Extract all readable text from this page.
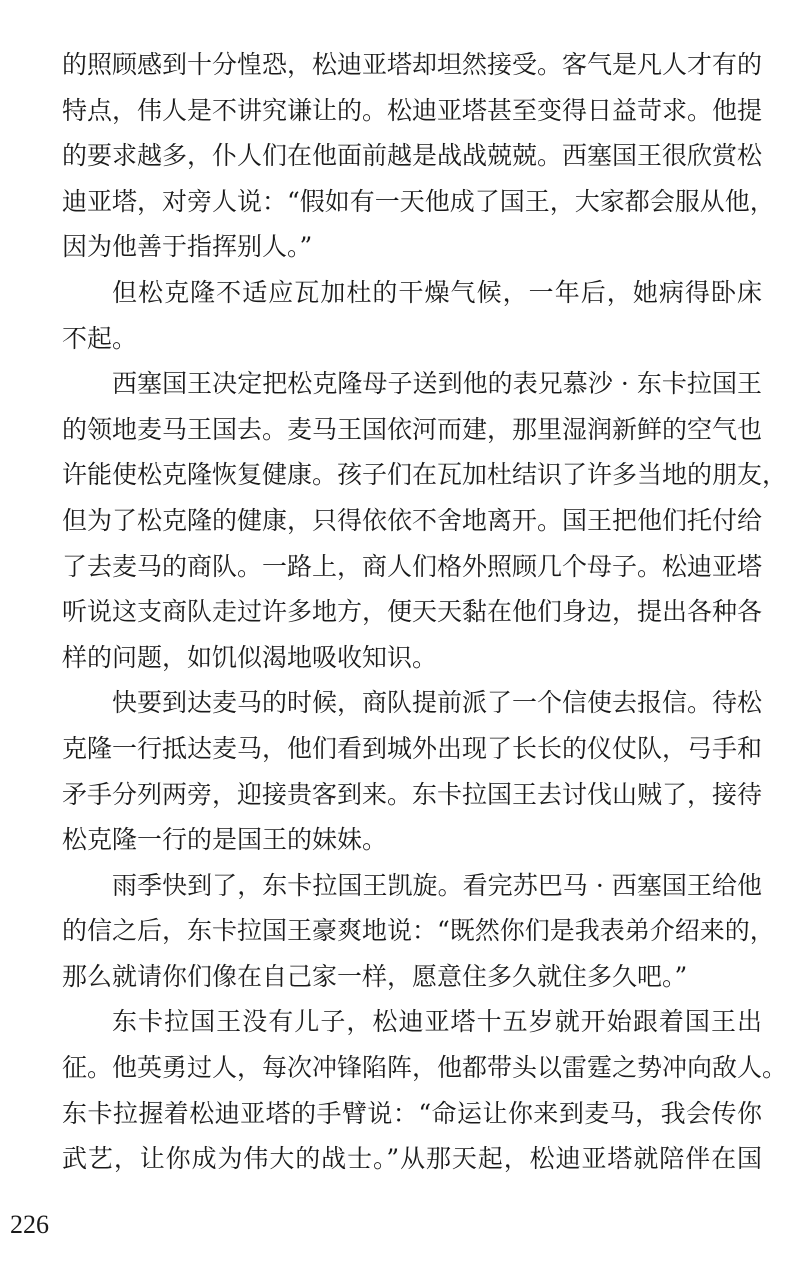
的照顾感到十分惶恐，松迪亚塔却坦然接受。客气是凡人才有的
特点，伟人是不讲究谦让的。松迪亚塔甚至变得日益苛求。他提
的要求越多，仆人们在他面前越是战战兢兢。西塞国王很欣赏松
迪亚塔，对旁人说：“假如有一天他成了国王，大家都会服从他，
因为他善于指挥别人。”

但松克隆不适应瓦加杜的干燥气候，一年后，她病得卧床
不起。

西塞国王决定把松克隆母子送到他的表兄慕沙 · 东卡拉国王
的领地麦马王国去。麦马王国依河而建，那里湿润新鲜的空气也
许能使松克隆恢复健康。孩子们在瓦加杜结识了许多当地的朋友，
但为了松克隆的健康，只得依依不舍地离开。国王把他们托付给
了去麦马的商队。一路上，商人们格外照顾几个母子。松迪亚塔
听说这支商队走过许多地方，便天天黏在他们身边，提出各种各
样的问题，如饥似渴地吸收知识。

快要到达麦马的时候，商队提前派了一个信使去报信。待松
克隆一行抵达麦马，他们看到城外出现了长长的仪仗队，弓手和
矛手分列两旁，迎接贵客到来。东卡拉国王去讨伐山贼了，接待
松克隆一行的是国王的妹妹。

雨季快到了，东卡拉国王凯旋。看完苏巴马 · 西塞国王给他
的信之后，东卡拉国王豪爽地说：“既然你们是我表弟介绍来的，
那么就请你们像在自己家一样，愿意住多久就住多久吧。”

东卡拉国王没有儿子，松迪亚塔十五岁就开始跟着国王出
征。他英勇过人，每次冲锋陷阵，他都带头以雷霆之势冲向敌人。
东卡拉握着松迪亚塔的手臂说：“命运让你来到麦马，我会传你
武艺，让你成为伟大的战士。”从那天起，松迪亚塔就陪伴在国

226
